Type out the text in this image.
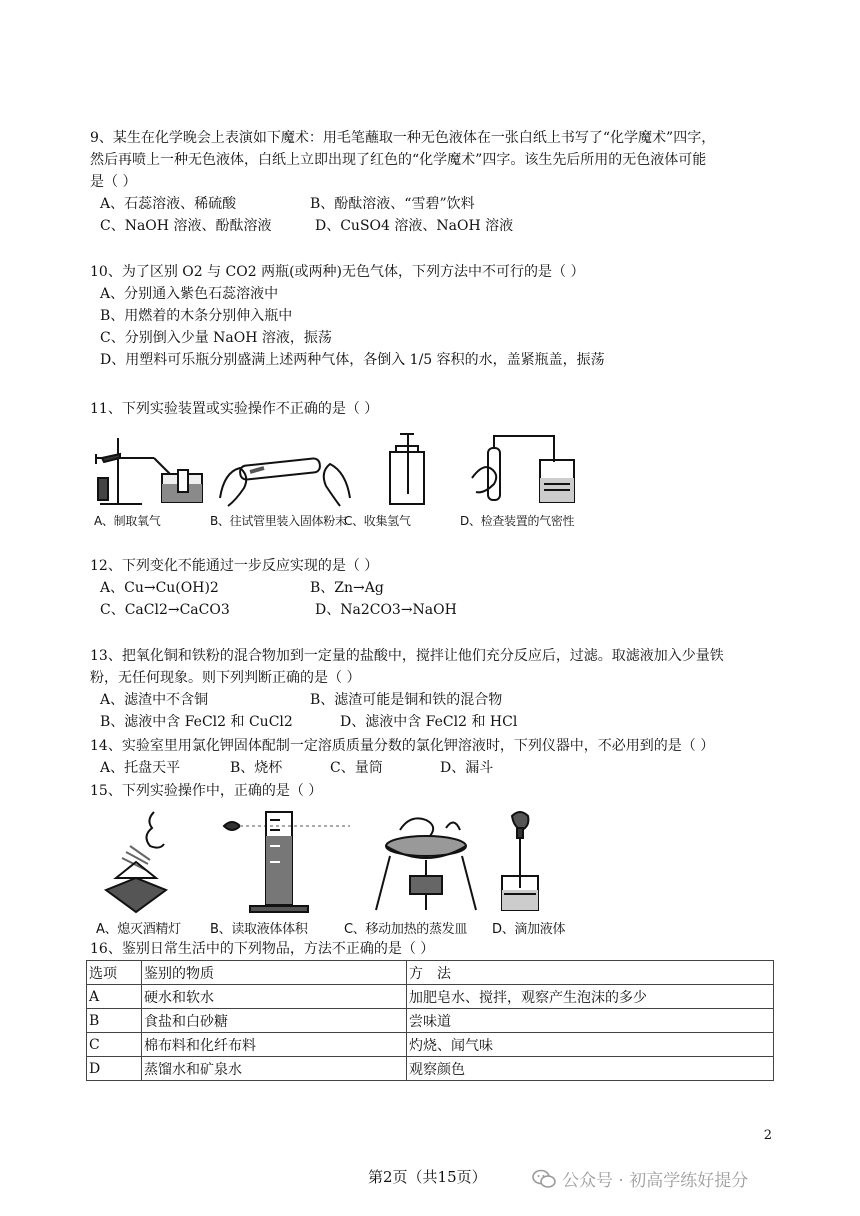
9、某生在化学晚会上表演如下魔术：用毛笔蘸取一种无色液体在一张白纸上书写了“化学魔术”四字，

然后再喷上一种无色液体，白纸上立即出现了红色的“化学魔术”四字。该生先后所用的无色液体可能

是（ ）

A、石蕊溶液、稀硫酸	B、酚酞溶液、“雪碧”饮料
C、NaOH 溶液、酚酞溶液	D、CuSO4 溶液、NaOH 溶液

10、为了区别 O2 与 CO2 两瓶(或两种)无色气体，下列方法中不可行的是（ ）

A、分别通入紫色石蕊溶液中

B、用燃着的木条分别伸入瓶中

C、分别倒入少量 NaOH 溶液，振荡

D、用塑料可乐瓶分别盛满上述两种气体，各倒入 1/5 容积的水，盖紧瓶盖，振荡

11、下列实验装置或实验操作不正确的是（ ）

A、制取氧气	B、往试管里装入固体粉末
C、收集氢气	D、检查装置的气密性

12、下列变化不能通过一步反应实现的是（ ）

A、Cu→Cu(OH)2	B、Zn→Ag
C、CaCl2→CaCO3	D、Na2CO3→NaOH

13、把氧化铜和铁粉的混合物加到一定量的盐酸中，搅拌让他们充分反应后，过滤。取滤液加入少量铁

粉，无任何现象。则下列判断正确的是（ ）

A、滤渣中不含铜	B、滤渣可能是铜和铁的混合物
B、滤液中含 FeCl2 和 CuCl2	D、滤液中含 FeCl2 和 HCl

14、实验室里用氯化钾固体配制一定溶质质量分数的氯化钾溶液时，下列仪器中，不必用到的是（ ）

A、托盘天平	B、烧杯	C、量筒	D、漏斗

15、下列实验操作中，正确的是（ ）

A、熄灭酒精灯 B、读取液体体积	C、移动加热的蒸发皿 D、滴加液体

16、鉴别日常生活中的下列物品，方法不正确的是（ ）

选项	鉴别的物质	方　法
A	硬水和软水	加肥皂水、搅拌，观察产生泡沫的多少
B	食盐和白砂糖	尝味道
C	棉布料和化纤布料	灼烧、闻气味
D	蒸馏水和矿泉水	观察颜色
2
第2页（共15页）	公众号 · 初高学练好提分
